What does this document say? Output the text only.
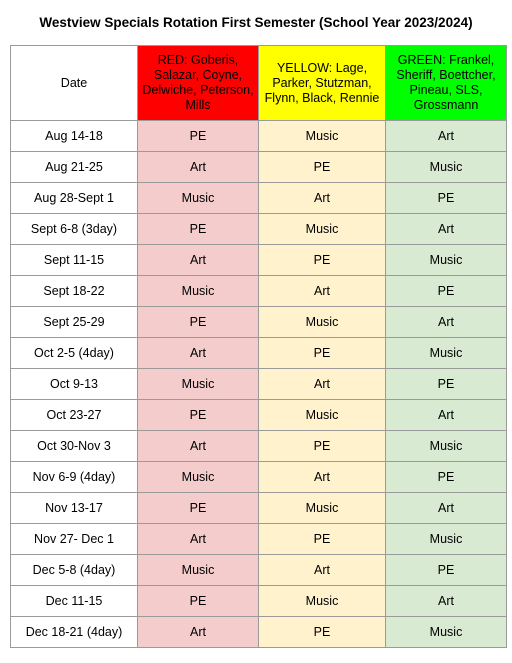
Westview Specials Rotation First Semester (School Year 2023/2024)
Date	RED: Goberis, Salazar, Coyne, Delwiche, Peterson, Mills	YELLOW: Lage, Parker, Stutzman, Flynn, Black, Rennie	GREEN: Frankel, Sheriff, Boettcher, Pineau, SLS, Grossmann
Aug 14-18	PE	Music	Art
Aug 21-25	Art	PE	Music
Aug 28-Sept 1	Music	Art	PE
Sept 6-8 (3day)	PE	Music	Art
Sept 11-15	Art	PE	Music
Sept 18-22	Music	Art	PE
Sept 25-29	PE	Music	Art
Oct 2-5 (4day)	Art	PE	Music
Oct 9-13	Music	Art	PE
Oct 23-27	PE	Music	Art
Oct 30-Nov 3	Art	PE	Music
Nov 6-9 (4day)	Music	Art	PE
Nov 13-17	PE	Music	Art
Nov 27- Dec 1	Art	PE	Music
Dec 5-8 (4day)	Music	Art	PE
Dec 11-15	PE	Music	Art
Dec 18-21 (4day)	Art	PE	Music
